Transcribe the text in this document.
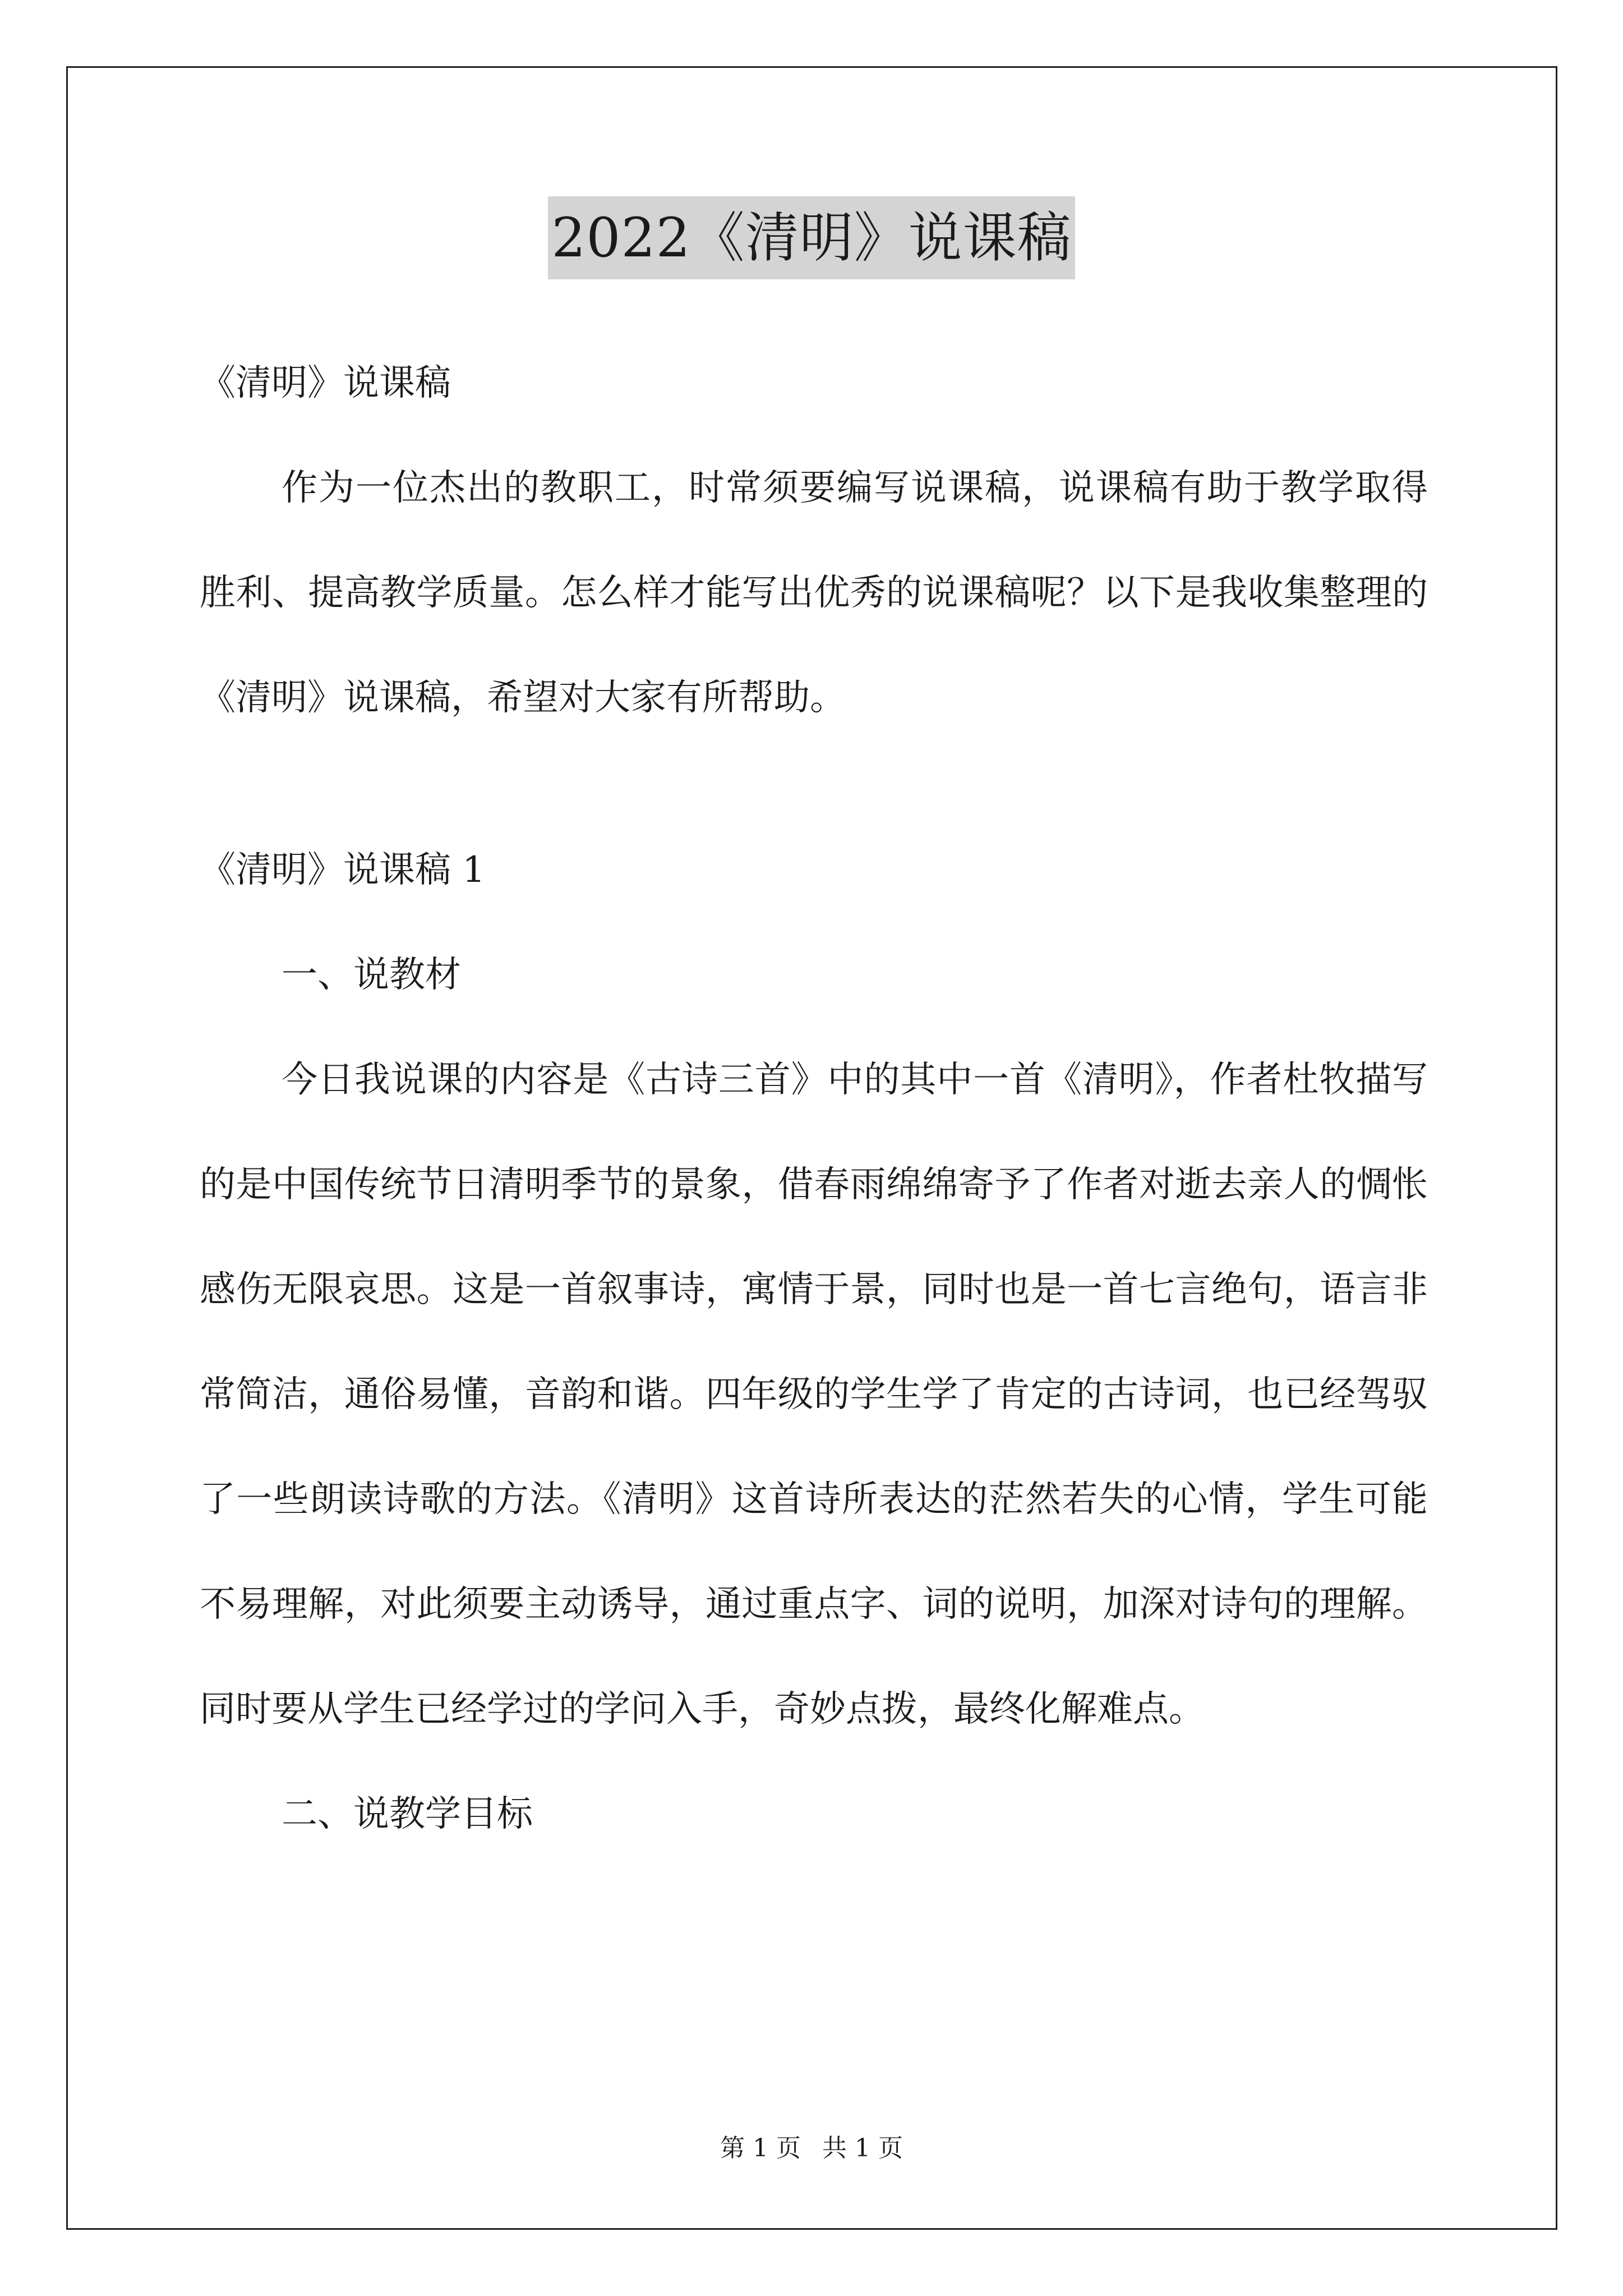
2022《清明》说课稿

《清明》说课稿

作为一位杰出的教职工，时常须要编写说课稿，说课稿有助于教学取得胜利、提高教学质量。怎么样才能写出优秀的说课稿呢？以下是我收集整理的《清明》说课稿，希望对大家有所帮助。

《清明》说课稿 1

一、说教材

今日我说课的内容是《古诗三首》中的其中一首《清明》，作者杜牧描写的是中国传统节日清明季节的景象，借春雨绵绵寄予了作者对逝去亲人的惆怅感伤无限哀思。这是一首叙事诗，寓情于景，同时也是一首七言绝句，语言非常简洁，通俗易懂，音韵和谐。四年级的学生学了肯定的古诗词，也已经驾驭了一些朗读诗歌的方法。《清明》这首诗所表达的茫然若失的心情，学生可能不易理解，对此须要主动诱导，通过重点字、词的说明，加深对诗句的理解。同时要从学生已经学过的学问入手，奇妙点拨，最终化解难点。

二、说教学目标

第 1 页 共 1 页
